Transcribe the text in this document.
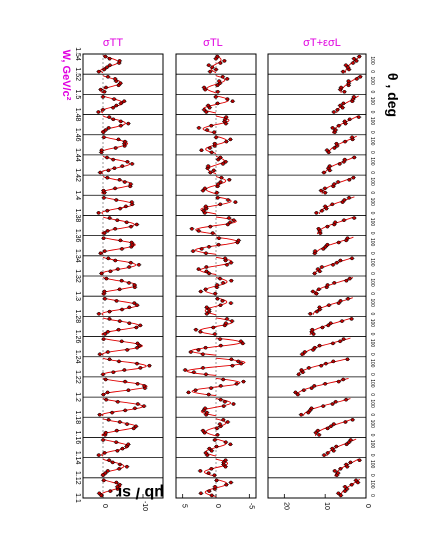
1.1
1.12
1.14
1.16
1.18
1.2
1.22
1.24
1.26
1.28
1.3
1.32
1.34
1.36
1.38
1.4
1.42
1.44
1.46
1.48
1.5
1.52
1.54
σTT
0	-10
σTL
5	0	-5
σT+εσL
20	10	0
0
100
0
100
0
100
0
100
0
100
0
100
0
100
0
100
0
100
0
100
0
100
0
100
0
100
0
100
0
100
0
100
0
100
0
100
0
100
0
100
0
100
0
100
μb / sr
θ , deg
W, GeV/c²
